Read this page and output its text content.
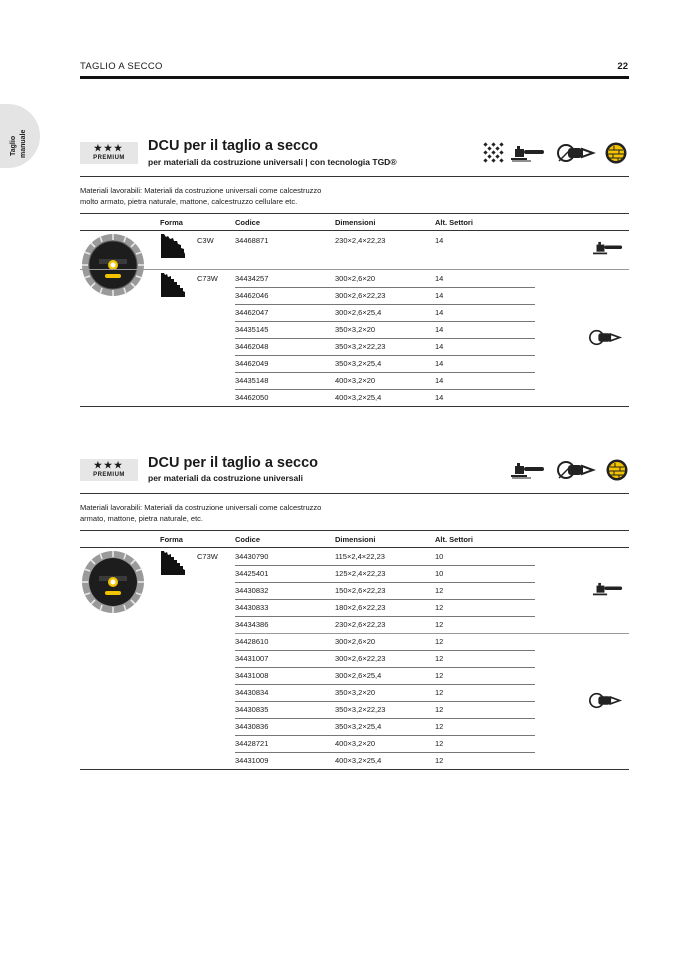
Taglio manuale
TAGLIO A SECCO	22
★★★
PREMIUM
DCU per il taglio a secco
per materiali da costruzione universali | con tecnologia TGD®
Materiali lavorabili: Materiali da costruzione universali come calcestruzzo
molto armato, pietra naturale, mattone, calcestruzzo cellulare etc.
Forma	Codice	Dimensioni	Alt. Settori
C3W	34468871	230×2,4×22,23	14
C73W 34434257	300×2,6×20	14
34462046	300×2,6×22,23	14
34462047	300×2,6×25,4	14
34435145	350×3,2×20	14
34462048	350×3,2×22,23	14
34462049	350×3,2×25,4	14
34435148	400×3,2×20	14
34462050	400×3,2×25,4	14
★★★
PREMIUM
DCU per il taglio a secco
per materiali da costruzione universali
Materiali lavorabili: Materiali da costruzione universali come calcestruzzo
armato, mattone, pietra naturale, etc.
Forma	Codice	Dimensioni	Alt. Settori
C73W 34430790	115×2,4×22,23	10
34425401	125×2,4×22,23	10
34430832	150×2,6×22,23	12
34430833	180×2,6×22,23	12
34434386	230×2,6×22,23	12
34428610	300×2,6×20	12
34431007	300×2,6×22,23	12
34431008	300×2,6×25,4	12
34430834	350×3,2×20	12
34430835	350×3,2×22,23	12
34430836	350×3,2×25,4	12
34428721	400×3,2×20	12
34431009	400×3,2×25,4	12
